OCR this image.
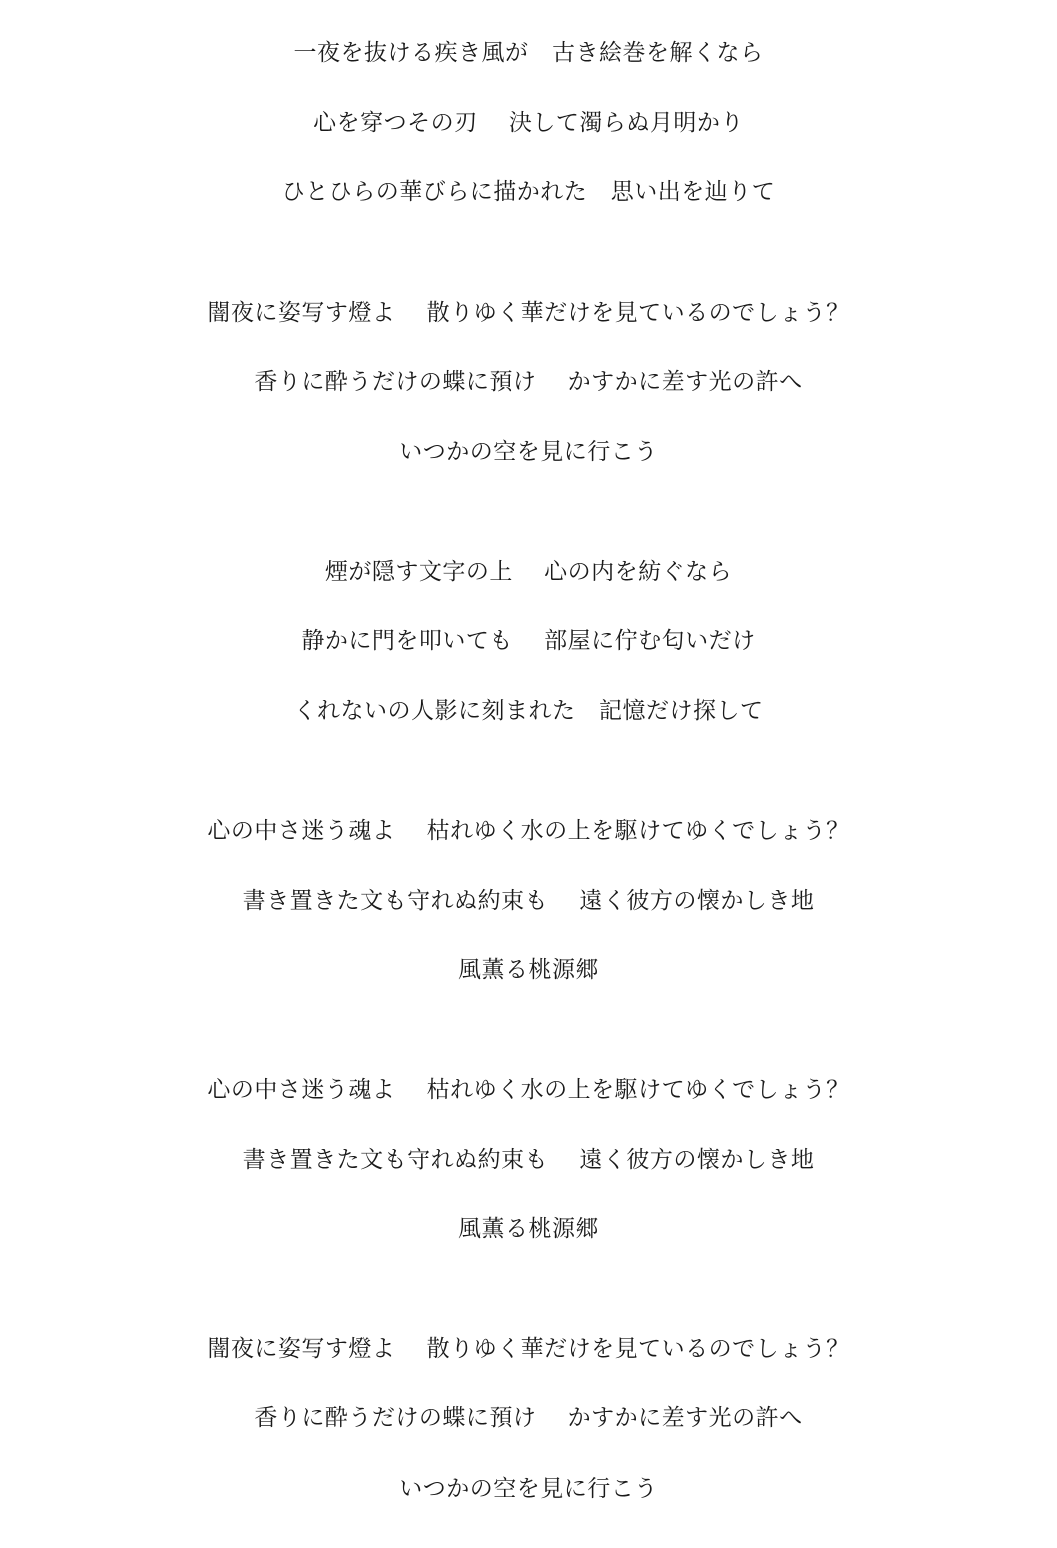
一夜を抜ける疾き風が　古き絵巻を解くなら
心を穿つその刃　 決して濁らぬ月明かり
ひとひらの華びらに描かれた　思い出を辿りて
闇夜に姿写す燈よ　 散りゆく華だけを見ているのでしょう？
香りに酔うだけの蝶に預け　 かすかに差す光の許へ
いつかの空を見に行こう
煙が隠す文字の上　 心の内を紡ぐなら
静かに門を叩いても　 部屋に佇む匂いだけ
くれないの人影に刻まれた　記憶だけ探して
心の中さ迷う魂よ　 枯れゆく水の上を駆けてゆくでしょう？
書き置きた文も守れぬ約束も　 遠く彼方の懐かしき地
風薫る桃源郷
心の中さ迷う魂よ　 枯れゆく水の上を駆けてゆくでしょう？
書き置きた文も守れぬ約束も　 遠く彼方の懐かしき地
風薫る桃源郷
闇夜に姿写す燈よ　 散りゆく華だけを見ているのでしょう？
香りに酔うだけの蝶に預け　 かすかに差す光の許へ
いつかの空を見に行こう
